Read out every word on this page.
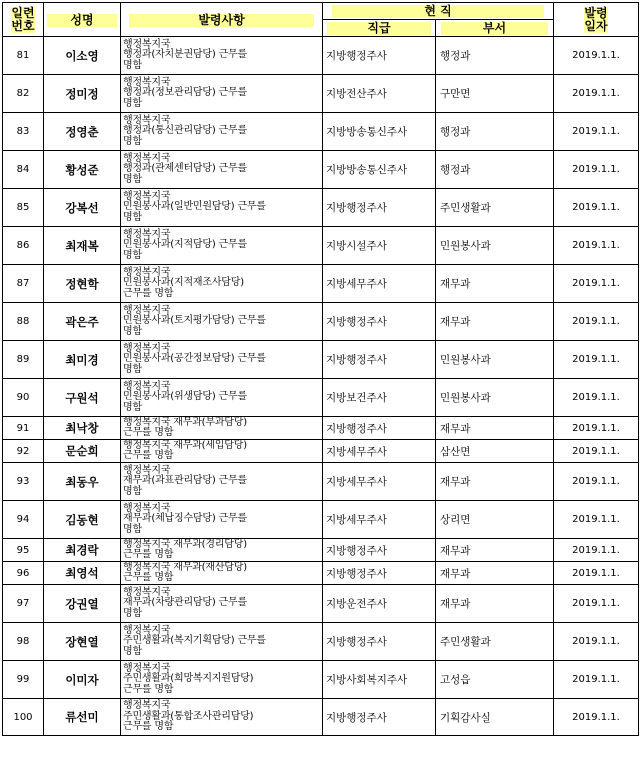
일련
번호	성명	발령사항	현 직		발령
일자
			직급	부서	
81	이소영	행정복지국
행정과(자치분권담당) 근무를
명함	지방행정주사	행정과	2019.1.1.
82	정미정	행정복지국
행정과(정보관리담당) 근무를
명함	지방전산주사	구만면	2019.1.1.
83	정영춘	행정복지국
행정과(통신관리담당) 근무를
명함	지방방송통신주사	행정과	2019.1.1.
84	황성준	행정복지국
행정과(관제센터담당) 근무를
명함	지방방송통신주사	행정과	2019.1.1.
85	강복선	행정복지국
민원봉사과(일반민원담당) 근무를
명함	지방행정주사	주민생활과	2019.1.1.
86	최재복	행정복지국
민원봉사과(지적담당) 근무를
명함	지방시설주사	민원봉사과	2019.1.1.
87	정현학	행정복지국
민원봉사과(지적재조사담당)
근무를 명함	지방세무주사	재무과	2019.1.1.
88	곽은주	행정복지국
민원봉사과(토지평가담당) 근무를
명함	지방행정주사	재무과	2019.1.1.
89	최미경	행정복지국
민원봉사과(공간정보담당) 근무를
명함	지방행정주사	민원봉사과	2019.1.1.
90	구원석	행정복지국
민원봉사과(위생담당) 근무를
명함	지방보건주사	민원봉사과	2019.1.1.
91	최낙창	행정복지국 재무과(부과담당)
근무를 명함	지방행정주사	재무과	2019.1.1.
92	문순희	행정복지국 재무과(세입담당)
근무를 명함	지방세무주사	삼산면	2019.1.1.
93	최동우	행정복지국
재무과(과표관리담당) 근무를
명함	지방세무주사	재무과	2019.1.1.
94	김동현	행정복지국
재무과(체납징수담당) 근무를
명함	지방세무주사	상리면	2019.1.1.
95	최경락	행정복지국 재무과(경리담당)
근무를 명함	지방행정주사	재무과	2019.1.1.
96	최영석	행정복지국 재무과(재산담당)
근무를 명함	지방행정주사	재무과	2019.1.1.
97	강권열	행정복지국
재무과(차량관리담당) 근무를
명함	지방운전주사	재무과	2019.1.1.
98	장현열	행정복지국
주민생활과(복지기획담당) 근무를
명함	지방행정주사	주민생활과	2019.1.1.
99	이미자	행정복지국
주민생활과(희망복지지원담당)
근무를 명함	지방사회복지주사	고성읍	2019.1.1.
100	류선미	행정복지국
주민생활과(통합조사관리담당)
근무를 명함	지방행정주사	기획감사실	2019.1.1.
